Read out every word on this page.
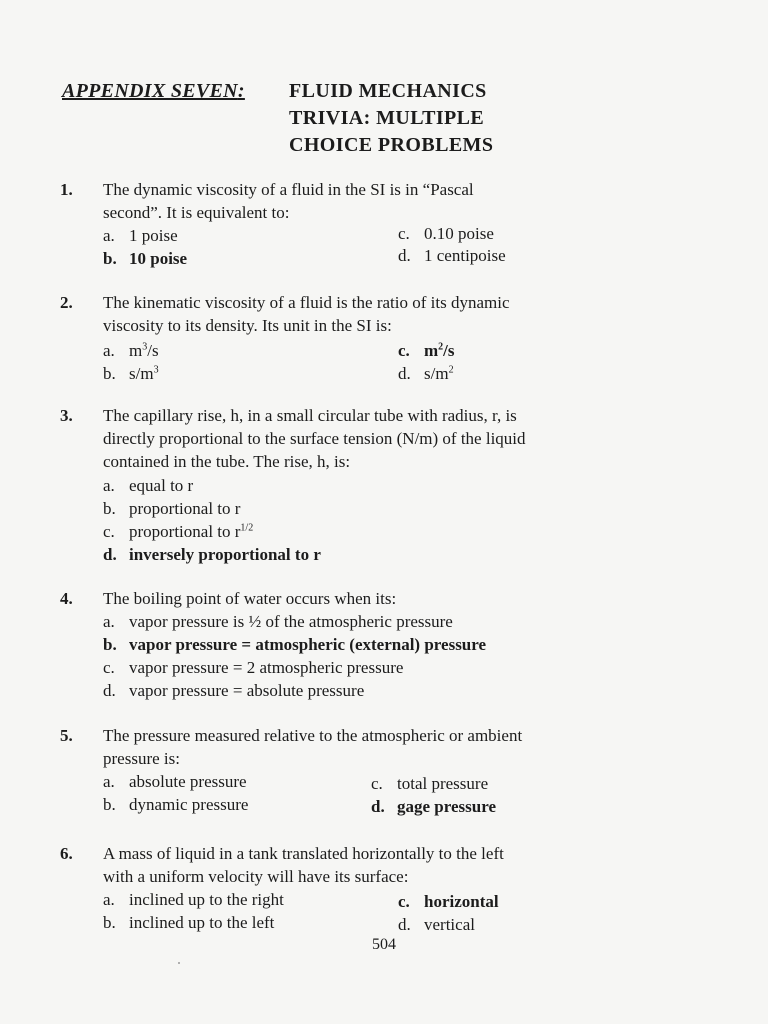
APPENDIX SEVEN: FLUID MECHANICS
TRIVIA: MULTIPLE
CHOICE PROBLEMS
1.	The dynamic viscosity of a fluid in the SI is in “Pascal
second”. It is equivalent to:
a. 1 poise
b. 10 poise
c. 0.10 poise
d. 1 centipoise
2.	The kinematic viscosity of a fluid is the ratio of its dynamic
viscosity to its density. Its unit in the SI is:
a. $m^3/s$
b. $s/m^3$
c. $m^2/s$
d. $s/m^2$
3.	The capillary rise, h, in a small circular tube with radius, r, is
directly proportional to the surface tension (N/m) of the liquid
contained in the tube. The rise, h, is:
a. equal to r
b. proportional to r
c. proportional to $r^{1/2}$
d. inversely proportional to r
4.	The boiling point of water occurs when its:
a. vapor pressure is ½ of the atmospheric pressure
b. vapor pressure = atmospheric (external) pressure
c. vapor pressure = 2 atmospheric pressure
d. vapor pressure = absolute pressure
5.	The pressure measured relative to the atmospheric or ambient
pressure is:
a. absolute pressure
b. dynamic pressure
c. total pressure
d. gage pressure
6.	A mass of liquid in a tank translated horizontally to the left
with a uniform velocity will have its surface:
a. inclined up to the right
b. inclined up to the left
c. horizontal
d. vertical
504
